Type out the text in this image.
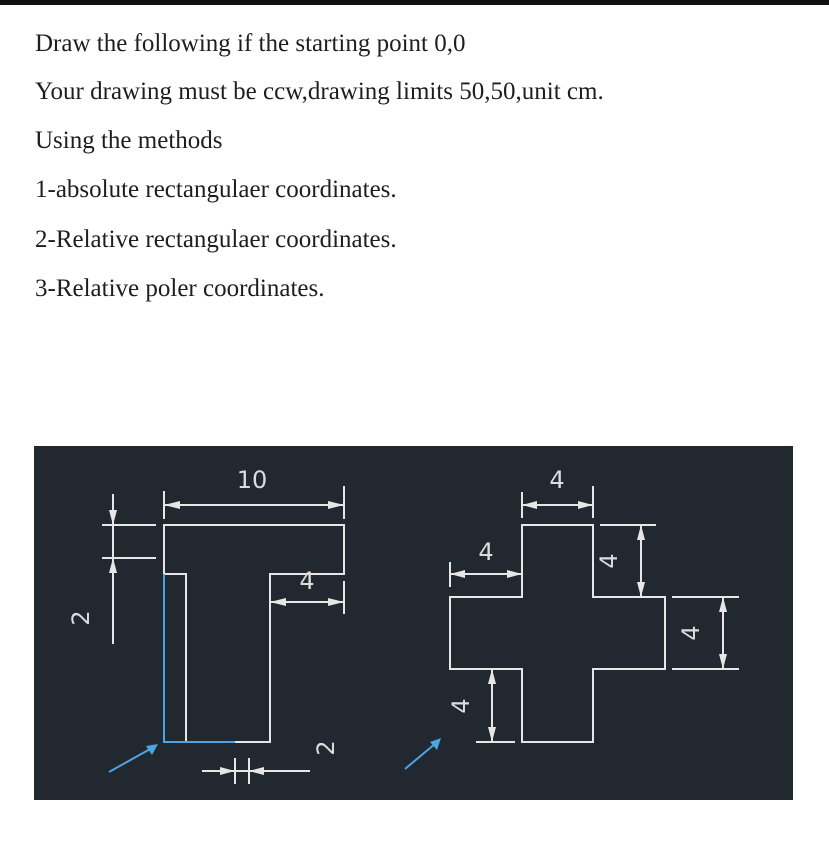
Draw the following if the starting point 0,0

Your drawing must be ccw,drawing limits 50,50,unit cm.

Using the methods

1-absolute rectangulaer coordinates.

2-Relative rectangulaer coordinates.

3-Relative poler coordinates.

10
4
2
2
4
4	4
4
4
